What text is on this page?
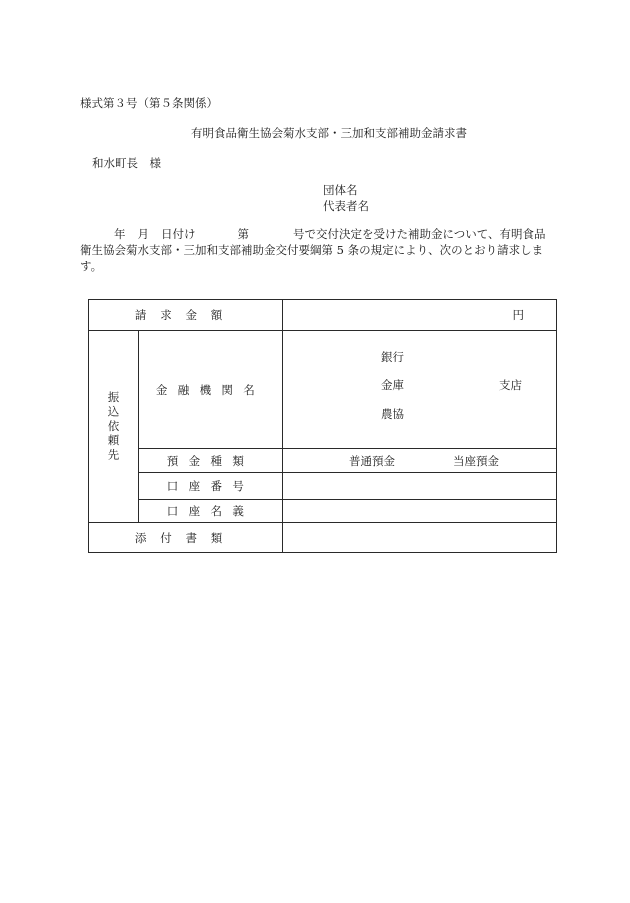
様式第３号（第５条関係）
有明食品衛生協会菊水支部・三加和支部補助金請求書
和水町長　様
団体名
代表者名
年 月 日付け	第	号で交付決定を受けた補助金について、有明食品
衛生協会菊水支部・三加和支部補助金交付要綱第 5 条の規定により、次のとおり請求しま
す。
請求金額		円

振込依頼先	金融機関名	銀行
金庫 支店
農協

	預金種類	普通預金 当座預金
	口座番号	
	口座名義	
添付書類		
